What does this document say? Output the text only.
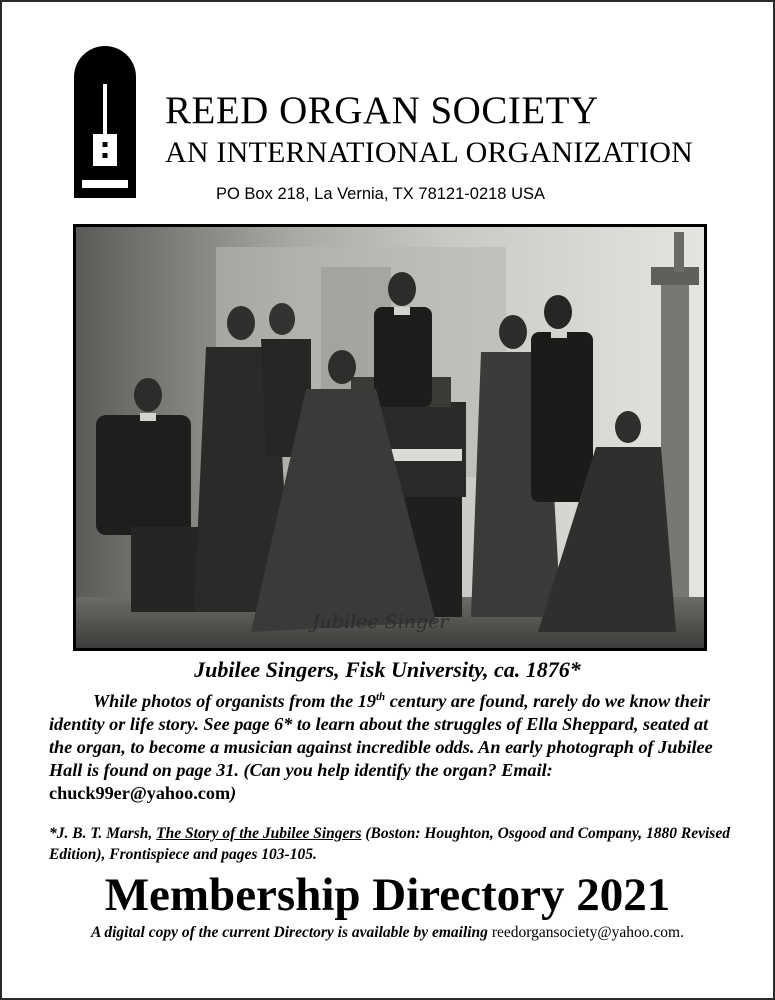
REED ORGAN SOCIETY
AN INTERNATIONAL ORGANIZATION
PO Box 218, La Vernia, TX 78121-0218 USA
Jubilee Singer
Jubilee Singers, Fisk University, ca. 1876*
While photos of organists from the 19th century are found, rarely do we know their identity or life story. See page 6* to learn about the struggles of Ella Sheppard, seated at the organ, to become a musician against incredible odds. An early photograph of Jubilee Hall is found on page 31. (Can you help identify the organ? Email: chuck99er@yahoo.com)
*J. B. T. Marsh, The Story of the Jubilee Singers (Boston: Houghton, Osgood and Company, 1880 Revised Edition), Frontispiece and pages 103-105.
Membership Directory 2021
A digital copy of the current Directory is available by emailing reedorgansociety@yahoo.com.
